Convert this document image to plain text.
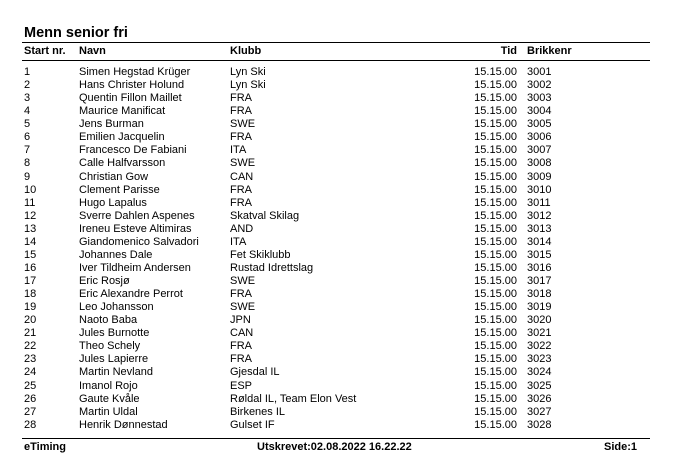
Menn senior fri
Start nr. Navn	Klubb	Tid Brikkenr
1	Simen Hegstad Krüger	Lyn Ski	15.15.00 3001
2	Hans Christer Holund	Lyn Ski	15.15.00 3002
3	Quentin Fillon Maillet	FRA	15.15.00 3003
4	Maurice Manificat	FRA	15.15.00 3004
5	Jens Burman	SWE	15.15.00 3005
6	Emilien Jacquelin	FRA	15.15.00 3006
7	Francesco De Fabiani	ITA	15.15.00 3007
8	Calle Halfvarsson	SWE	15.15.00 3008
9	Christian Gow	CAN	15.15.00 3009
10	Clement Parisse	FRA	15.15.00 3010
11	Hugo Lapalus	FRA	15.15.00 3011
12	Sverre Dahlen Aspenes	Skatval Skilag	15.15.00 3012
13	Ireneu Esteve Altimiras	AND	15.15.00 3013
14	Giandomenico Salvadori	ITA	15.15.00 3014
15	Johannes Dale	Fet Skiklubb	15.15.00 3015
16	Iver Tildheim Andersen	Rustad Idrettslag	15.15.00 3016
17	Eric Rosjø	SWE	15.15.00 3017
18	Eric Alexandre Perrot	FRA	15.15.00 3018
19	Leo Johansson	SWE	15.15.00 3019
20	Naoto Baba	JPN	15.15.00 3020
21	Jules Burnotte	CAN	15.15.00 3021
22	Theo Schely	FRA	15.15.00 3022
23	Jules Lapierre	FRA	15.15.00 3023
24	Martin Nevland	Gjesdal IL	15.15.00 3024
25	Imanol Rojo	ESP	15.15.00 3025
26	Gaute Kvåle	Røldal IL, Team Elon Vest	15.15.00 3026
27	Martin Uldal	Birkenes IL	15.15.00 3027
28	Henrik Dønnestad	Gulset IF	15.15.00 3028
eTiming	Utskrevet:02.08.2022 16.22.22	Side:1
